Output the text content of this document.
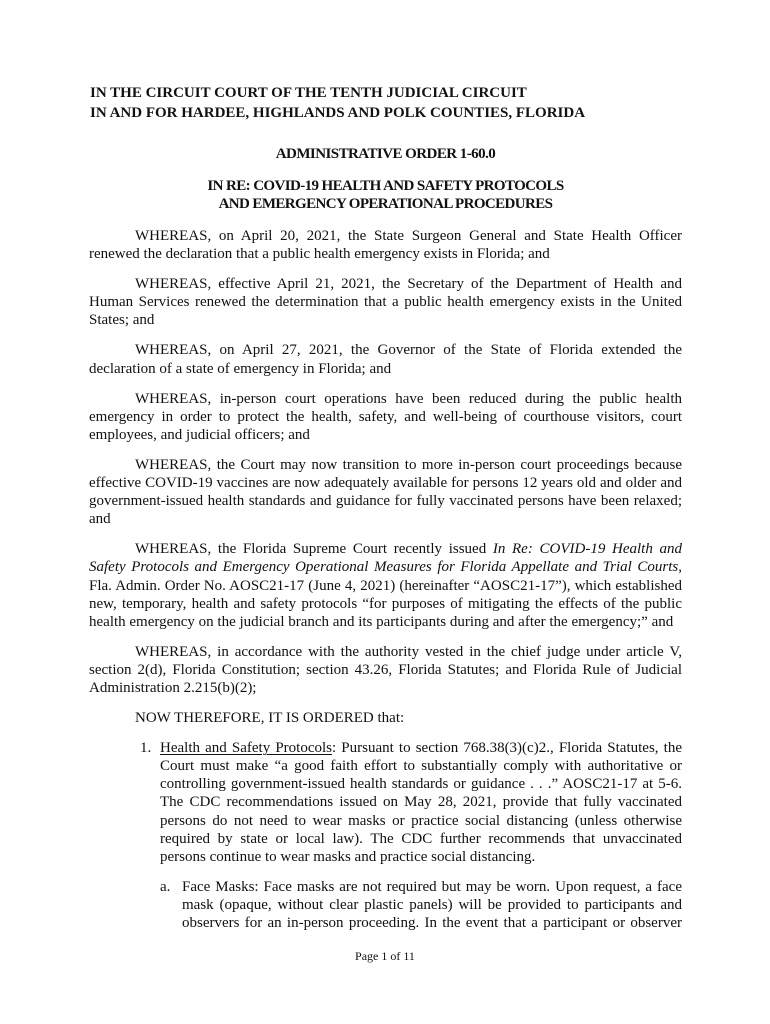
IN THE CIRCUIT COURT OF THE TENTH JUDICIAL CIRCUIT
IN AND FOR HARDEE, HIGHLANDS AND POLK COUNTIES, FLORIDA
ADMINISTRATIVE ORDER 1-60.0
IN RE: COVID-19 HEALTH AND SAFETY PROTOCOLS
AND EMERGENCY OPERATIONAL PROCEDURES

WHEREAS, on April 20, 2021, the State Surgeon General and State Health Officer renewed the declaration that a public health emergency exists in Florida; and

WHEREAS, effective April 21, 2021, the Secretary of the Department of Health and Human Services renewed the determination that a public health emergency exists in the United States; and

WHEREAS, on April 27, 2021, the Governor of the State of Florida extended the declaration of a state of emergency in Florida; and

WHEREAS, in-person court operations have been reduced during the public health emergency in order to protect the health, safety, and well-being of courthouse visitors, court employees, and judicial officers; and

WHEREAS, the Court may now transition to more in-person court proceedings because effective COVID-19 vaccines are now adequately available for persons 12 years old and older and government-issued health standards and guidance for fully vaccinated persons have been relaxed; and

WHEREAS, the Florida Supreme Court recently issued In Re: COVID-19 Health and Safety Protocols and Emergency Operational Measures for Florida Appellate and Trial Courts, Fla. Admin. Order No. AOSC21-17 (June 4, 2021) (hereinafter “AOSC21-17”), which established new, temporary, health and safety protocols “for purposes of mitigating the effects of the public health emergency on the judicial branch and its participants during and after the emergency;” and

WHEREAS, in accordance with the authority vested in the chief judge under article V, section 2(d), Florida Constitution; section 43.26, Florida Statutes; and Florida Rule of Judicial Administration 2.215(b)(2);

NOW THEREFORE, IT IS ORDERED that:

1. Health and Safety Protocols: Pursuant to section 768.38(3)(c)2., Florida Statutes, the Court must make “a good faith effort to substantially comply with authoritative or controlling government-issued health standards or guidance . . .” AOSC21-17 at 5-6. The CDC recommendations issued on May 28, 2021, provide that fully vaccinated persons do not need to wear masks or practice social distancing (unless otherwise required by state or local law). The CDC further recommends that unvaccinated persons continue to wear masks and practice social distancing.
a. Face Masks: Face masks are not required but may be worn. Upon request, a face mask (opaque, without clear plastic panels) will be provided to participants and observers for an in-person proceeding. In the event that a participant or observer
Page 1 of 11
